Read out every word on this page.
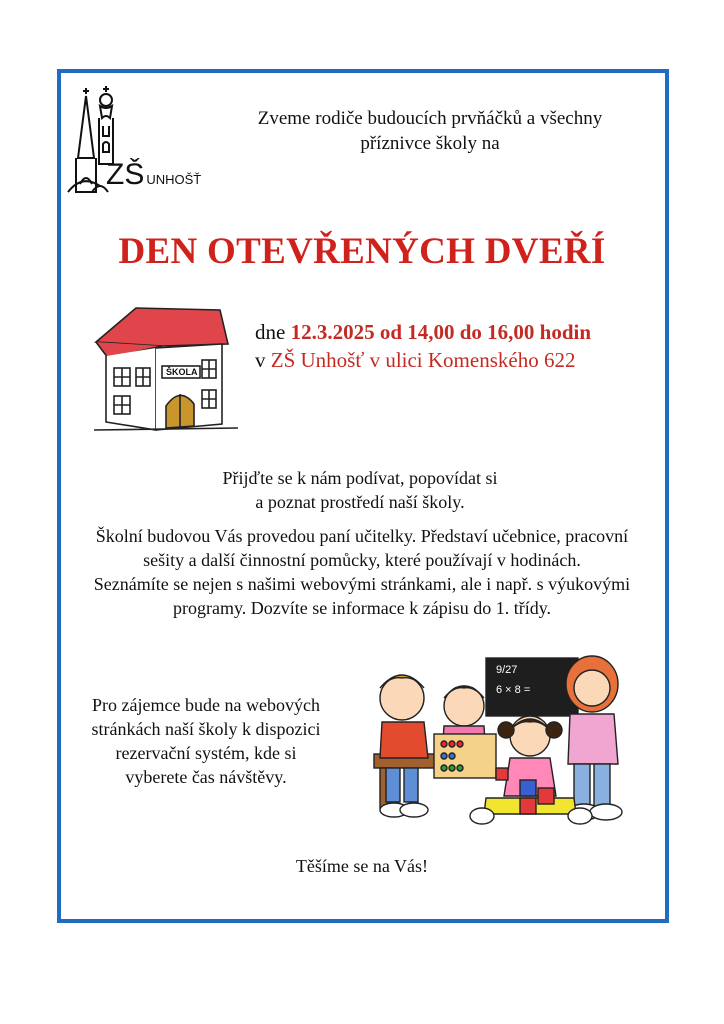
ZŠ UNHOŠŤ
Zveme rodiče budoucích prvňáčků a všechny
příznivce školy na
DEN OTEVŘENÝCH DVEŘÍ
ŠKOLA
dne 12.3.2025 od 14,00 do 16,00 hodin
v ZŠ Unhošť v ulici Komenského 622
Přijďte se k nám podívat, popovídat si
a poznat prostředí naší školy.
Školní budovou Vás provedou paní učitelky. Představí učebnice, pracovní
sešity a další činnostní pomůcky, které používají v hodinách.
Seznámíte se nejen s našimi webovými stránkami, ale i např. s výukovými
programy. Dozvíte se informace k zápisu do 1. třídy.
Pro zájemce bude na webových
stránkách naší školy k dispozici
rezervační systém, kde si
vyberete čas návštěvy.
9/27
6 × 8 =
Těšíme se na Vás!
